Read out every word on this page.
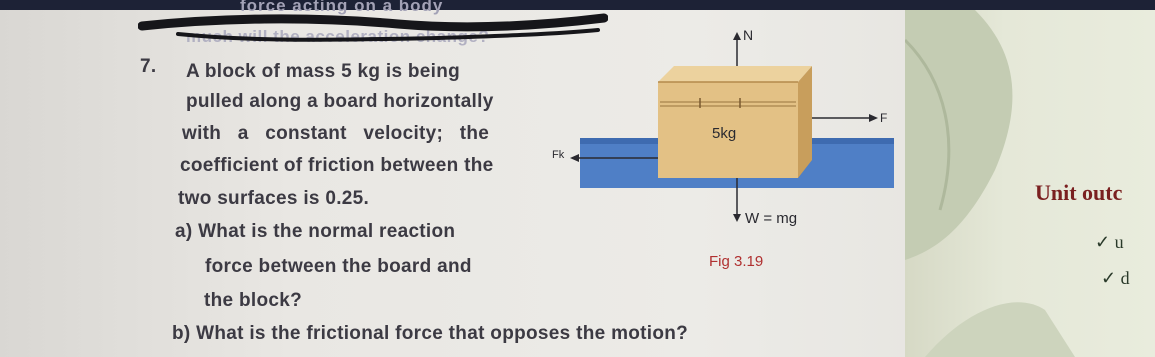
force acting on a body
much will the acceleration change?
7. A block of mass 5 kg is being
pulled along a board horizontally
with a constant velocity; the
coefficient of friction between the
two surfaces is 0.25.
a) What is the normal reaction
force between the board and
the block?
b) What is the frictional force that opposes the motion?
N
F
Fk
5kg
W = mg
Fig 3.19
Unit outc
✓ u
✓ d
